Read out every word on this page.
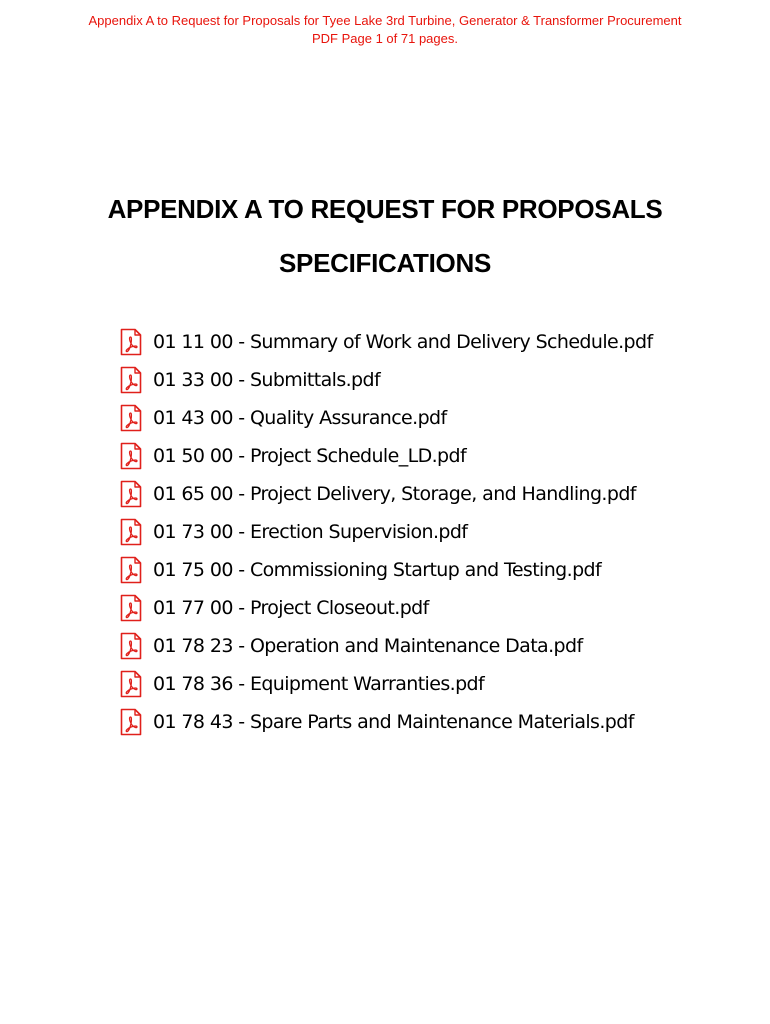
Appendix A to Request for Proposals for Tyee Lake 3rd Turbine, Generator & Transformer Procurement
PDF Page 1 of 71 pages.
APPENDIX A TO REQUEST FOR PROPOSALS
SPECIFICATIONS
01 11 00 - Summary of Work and Delivery Schedule.pdf
01 33 00 - Submittals.pdf
01 43 00 - Quality Assurance.pdf
01 50 00 - Project Schedule_LD.pdf
01 65 00 - Project Delivery, Storage, and Handling.pdf
01 73 00 - Erection Supervision.pdf
01 75 00 - Commissioning Startup and Testing.pdf
01 77 00 - Project Closeout.pdf
01 78 23 - Operation and Maintenance Data.pdf
01 78 36 - Equipment Warranties.pdf
01 78 43 - Spare Parts and Maintenance Materials.pdf
